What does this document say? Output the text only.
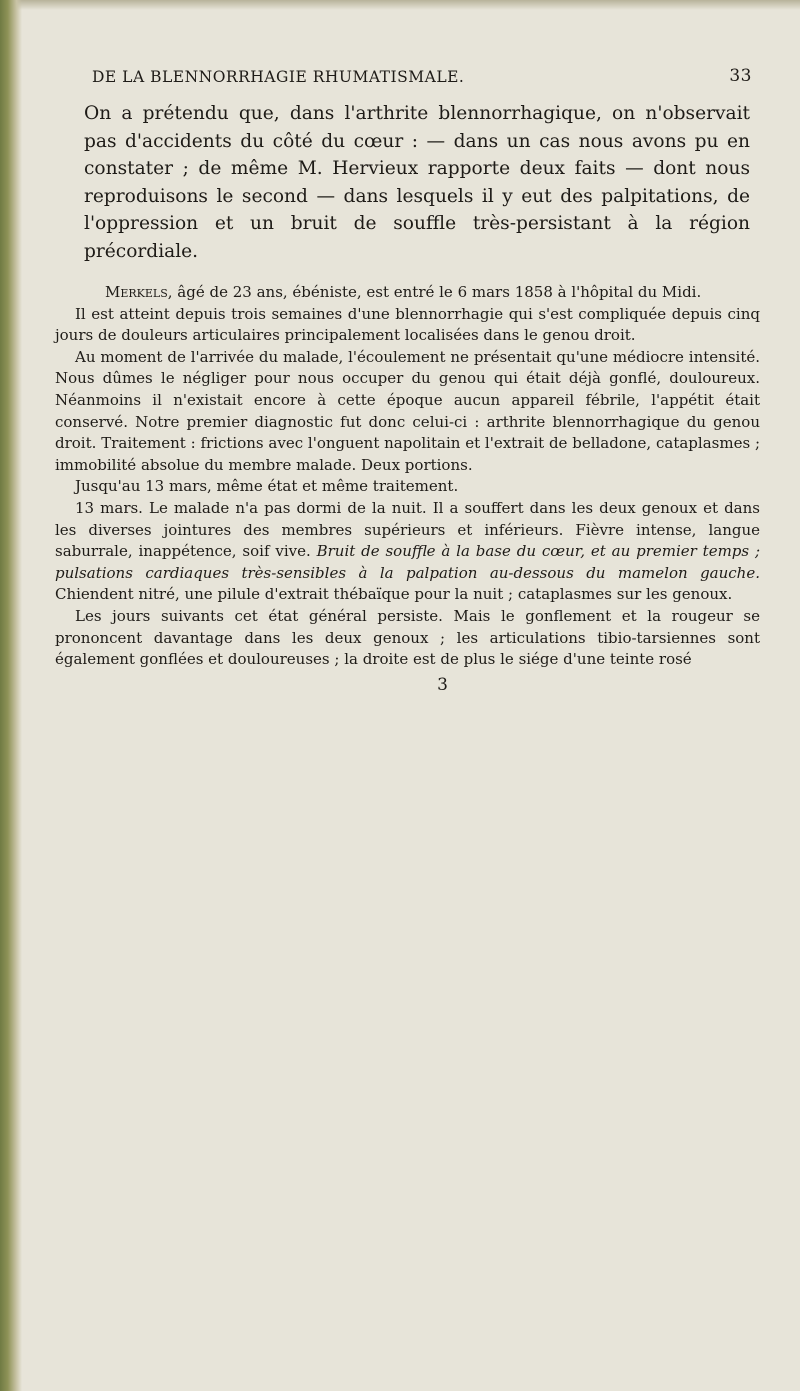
DE LA BLENNORRHAGIE RHUMATISMALE.	33

On a prétendu que, dans l'arthrite blennorrhagique, on n'observait pas d'accidents du côté du cœur : — dans un cas nous avons pu en constater ; de même M. Hervieux rapporte deux faits — dont nous reproduisons le second — dans lesquels il y eut des palpitations, de l'oppression et un bruit de souffle très-persistant à la région précordiale.

Merkels, âgé de 23 ans, ébéniste, est entré le 6 mars 1858 à l'hôpital du Midi.

Il est atteint depuis trois semaines d'une blennorrhagie qui s'est compliquée depuis cinq jours de douleurs articulaires principalement localisées dans le genou droit.

Au moment de l'arrivée du malade, l'écoulement ne présentait qu'une médiocre intensité. Nous dûmes le négliger pour nous occuper du genou qui était déjà gonflé, douloureux. Néanmoins il n'existait encore à cette époque aucun appareil fébrile, l'appétit était conservé. Notre premier diagnostic fut donc celui-ci : arthrite blennorrhagique du genou droit. Traitement : frictions avec l'onguent napolitain et l'extrait de belladone, cataplasmes ; immobilité absolue du membre malade. Deux portions.

Jusqu'au 13 mars, même état et même traitement.

13 mars. Le malade n'a pas dormi de la nuit. Il a souffert dans les deux genoux et dans les diverses jointures des membres supérieurs et inférieurs. Fièvre intense, langue saburrale, inappétence, soif vive. Bruit de souffle à la base du cœur, et au premier temps ; pulsations cardiaques très-sensibles à la palpation au-dessous du mamelon gauche. Chiendent nitré, une pilule d'extrait thébaïque pour la nuit ; cataplasmes sur les genoux.

Les jours suivants cet état général persiste. Mais le gonflement et la rougeur se prononcent davantage dans les deux genoux ; les articulations tibio-tarsiennes sont également gonflées et douloureuses ; la droite est de plus le siége d'une teinte rosé

3
